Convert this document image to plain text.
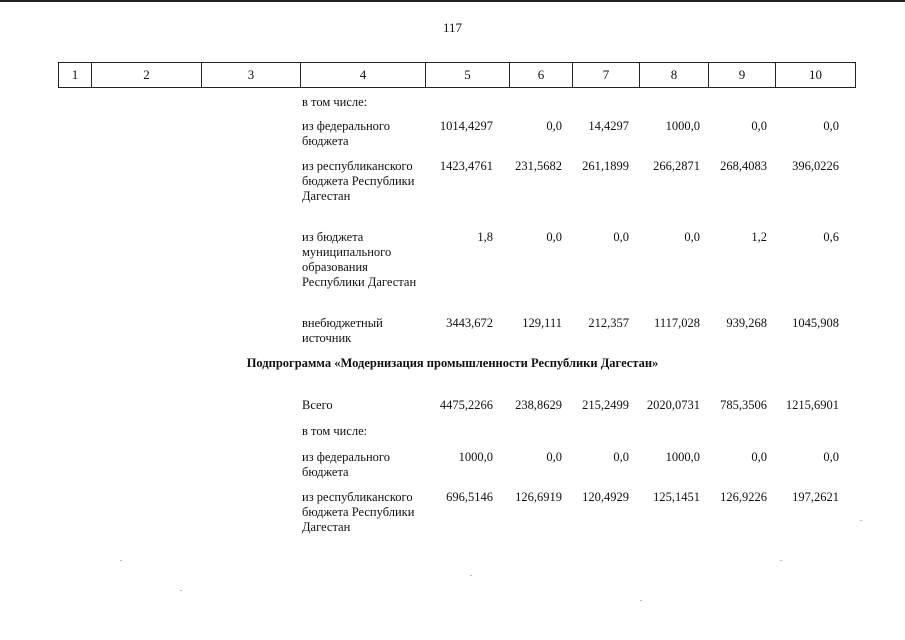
117
1	2	3	4	5	6	7	8	9	10
в том числе:
из федерального бюджета
1014,4297	0,0 14,4297	1000,0	0,0	0,0
из республиканского бюджета Республики Дагестан
1423,4761 231,5682 261,1899 266,2871 268,4083 396,0226
из бюджета муниципального образования Республики Дагестан
1,8	0,0	0,0	0,0	1,2	0,6
внебюджетный источник
3443,672 129,111 212,357 1117,028 939,268 1045,908
Подпрограмма «Модернизация промышленности Республики Дагестан»
Всего	4475,2266 238,8629 215,2499 2020,0731 785,3506 1215,6901
в том числе:
из федерального бюджета
1000,0	0,0	0,0	1000,0	0,0	0,0
из республиканского бюджета Республики Дагестан
696,5146 126,6919 120,4929 125,1451 126,9226 197,2621
